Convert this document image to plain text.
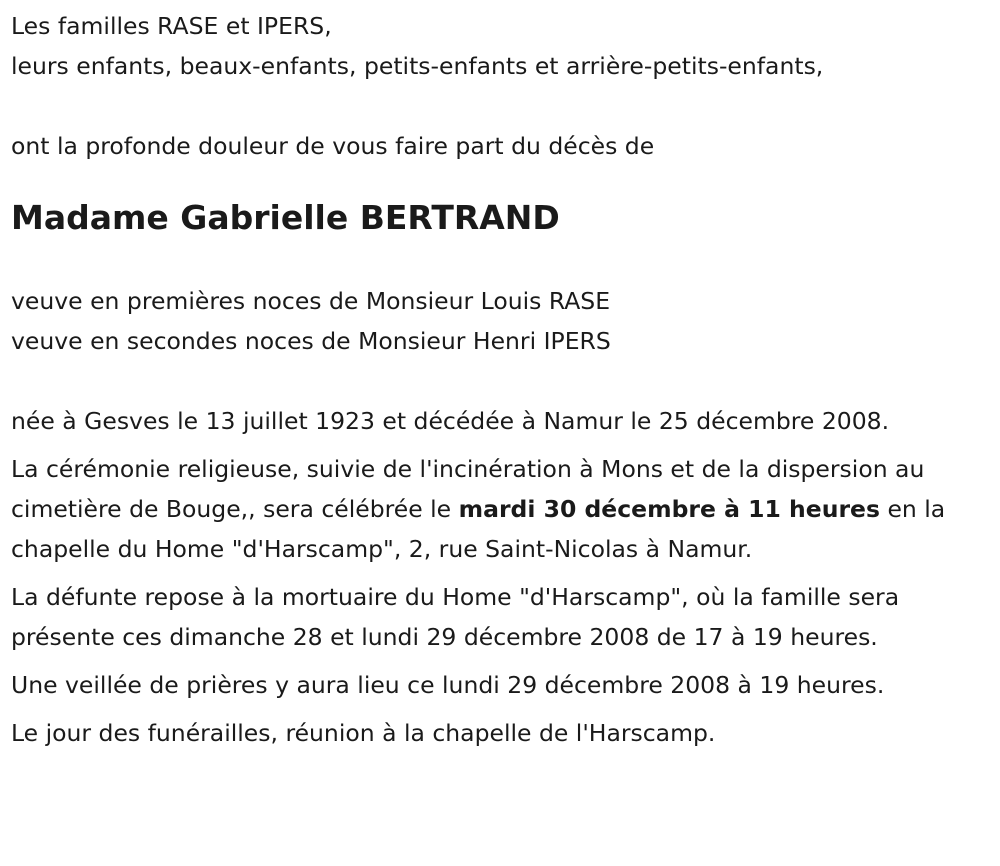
Les familles RASE et IPERS,

leurs enfants, beaux-enfants, petits-enfants et arrière-petits-enfants,

ont la profonde douleur de vous faire part du décès de

Madame Gabrielle BERTRAND

veuve en premières noces de Monsieur Louis RASE

veuve en secondes noces de Monsieur Henri IPERS

née à Gesves le 13 juillet 1923 et décédée à Namur le 25 décembre 2008.

La cérémonie religieuse, suivie de l'incinération à Mons et de la dispersion au cimetière de Bouge,, sera célébrée le mardi 30 décembre à 11 heures en la chapelle du Home "d'Harscamp", 2, rue Saint-Nicolas à Namur.

La défunte repose à la mortuaire du Home "d'Harscamp", où la famille sera présente ces dimanche 28 et lundi 29 décembre 2008 de 17 à 19 heures.

Une veillée de prières y aura lieu ce lundi 29 décembre 2008 à 19 heures.

Le jour des funérailles, réunion à la chapelle de l'Harscamp.
